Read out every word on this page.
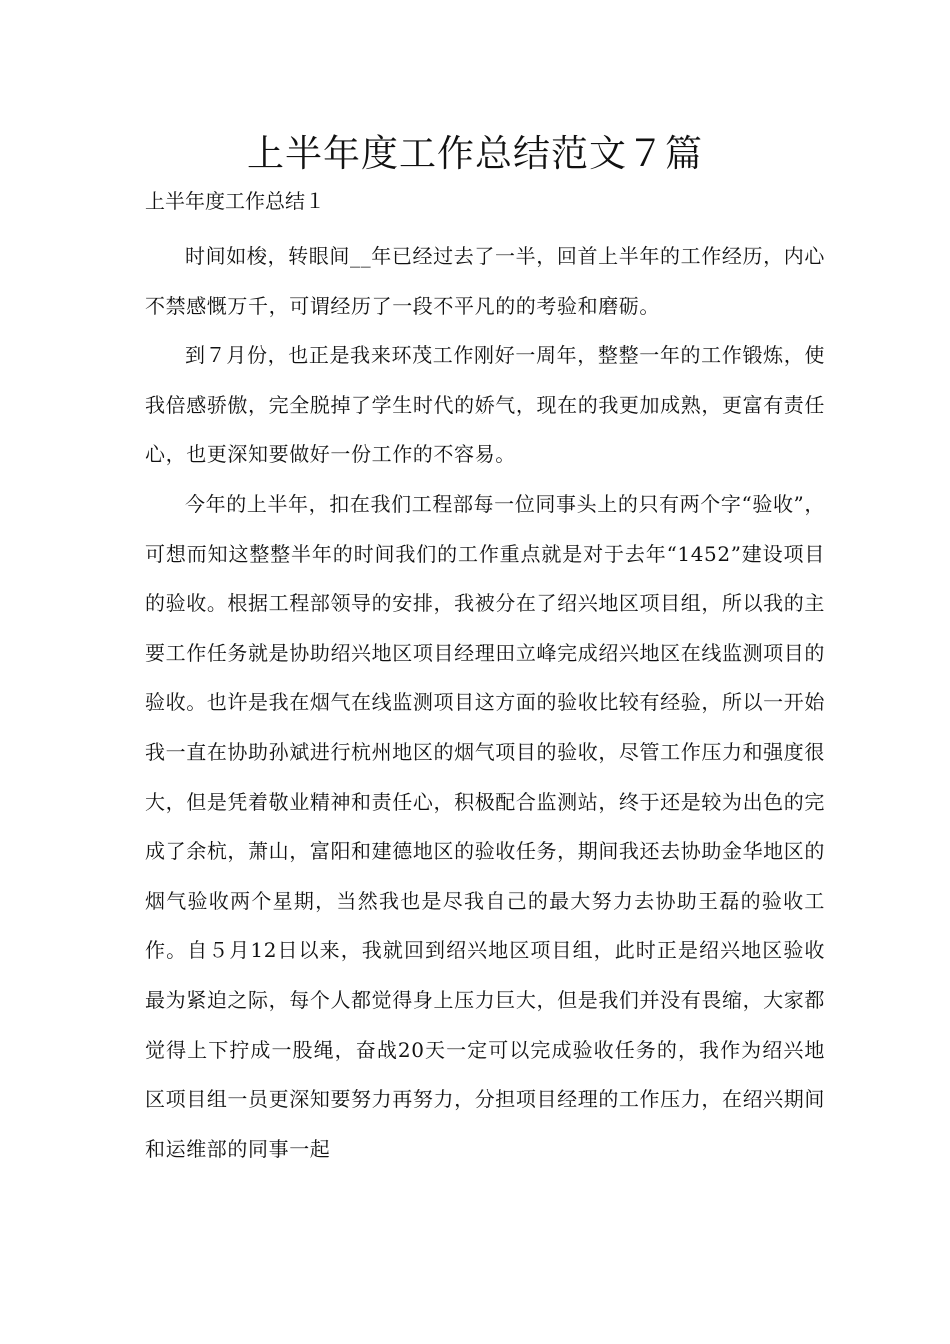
上半年度工作总结范文７篇
上半年度工作总结１

时间如梭，转眼间__年已经过去了一半，回首上半年的工作经历，内心不禁感慨万千，可谓经历了一段不平凡的的考验和磨砺。

到７月份，也正是我来环茂工作刚好一周年，整整一年的工作锻炼，使我倍感骄傲，完全脱掉了学生时代的娇气，现在的我更加成熟，更富有责任心，也更深知要做好一份工作的不容易。

今年的上半年，扣在我们工程部每一位同事头上的只有两个字“验收”，可想而知这整整半年的时间我们的工作重点就是对于去年“1452”建设项目的验收。根据工程部领导的安排，我被分在了绍兴地区项目组，所以我的主要工作任务就是协助绍兴地区项目经理田立峰完成绍兴地区在线监测项目的验收。也许是我在烟气在线监测项目这方面的验收比较有经验，所以一开始我一直在协助孙斌进行杭州地区的烟气项目的验收，尽管工作压力和强度很大，但是凭着敬业精神和责任心，积极配合监测站，终于还是较为出色的完成了余杭，萧山，富阳和建德地区的验收任务，期间我还去协助金华地区的烟气验收两个星期，当然我也是尽我自己的最大努力去协助王磊的验收工作。自５月12日以来，我就回到绍兴地区项目组，此时正是绍兴地区验收最为紧迫之际，每个人都觉得身上压力巨大，但是我们并没有畏缩，大家都觉得上下拧成一股绳，奋战20天一定可以完成验收任务的，我作为绍兴地区项目组一员更深知要努力再努力，分担项目经理的工作压力，在绍兴期间和运维部的同事一起
